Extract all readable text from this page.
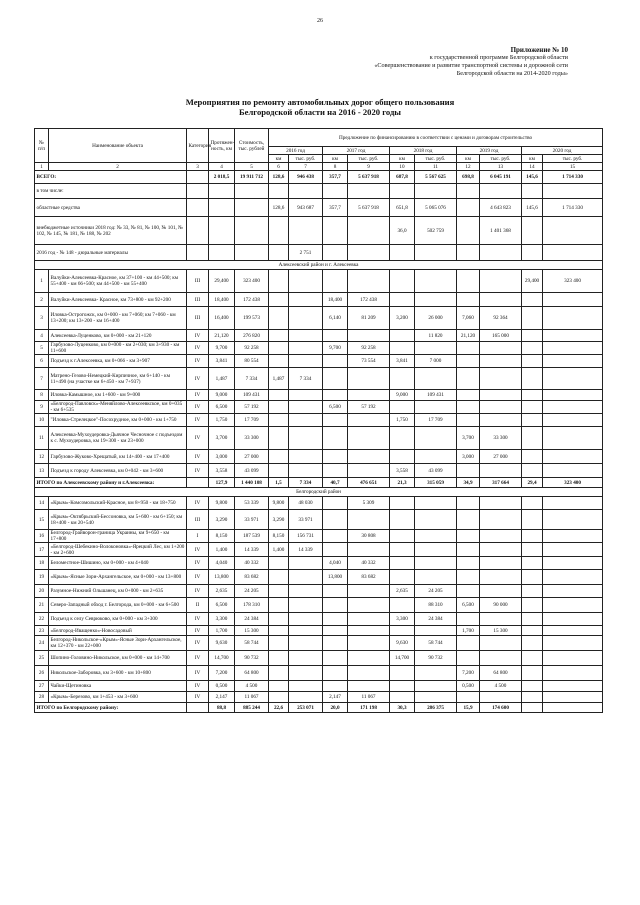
26
Приложение № 10
к государственной программе Белгородской области
«Совершенствование и развитие транспортной системы и дорожной сети
Белгородской области на 2014-2020 годы»
Мероприятия по ремонту автомобильных дорог общего пользования
Белгородской области на 2016 - 2020 годы
№ п/п	Наименование объекта	Категория	Протяжен-ность, км	Стоимость, тыс. рублей	Предложение по финансированию в соответствии с ценами и договорам строительство									
					2016 год		2017 год		2018 год		2019 год		2020 год	
					км	тыс. руб.	км	тыс. руб.	км	тыс. руб.	км	тыс. руб.	км	тыс. руб.
1	2	3	4	5	6	7	8	9	10	11	12	13	14	15
ВСЕГО:			2 018,5	19 911 712	128,6	946 438	357,7	5 637 918	687,8	5 567 625	698,8	6 045 191	145,6	1 714 330
в том числе:														
областные средства					128,6	943 687	357,7	5 637 918	651,8	5 065 076		4 643 823	145,6	1 714 330
внебюджетные источники 2018 год: № 33, № 81, № 100, № 101, № 102, № 145, № 181, № 188, № 202									36,0	502 759		1 401 368		
2016 год - № 148 - дюральные материалы						2 751								
Алексеевский район и г. Алексеевка														
1	Валуйки-Алексеевка-Красное, км 37+100 - км 44+500; км 55+400 - км 66+500; км 44+500 - км 55+400	III	29,400	323 400									29,400	323 400
2	Валуйки-Алексеевка- Красное, км 73+800 - км 92+200	III	18,400	172 438			18,400	172 438						
3	Иловка-Острогожск, км 0+000 - км 7+060; км 7+060 - км 13+200; км 13+200 - км 16+400	III	16,400	199 573			6,140	81 209	3,200	26 000	7,060	92 364		
4	Алексеевка-Луценково, км 0+000 - км 21+120	IV	21,120	276 820						11 820	21,120	165 000		
5	Гарбузово-Луценково, км 0+000 - км 2+030; км 3+930 - км 11+600	IV	9,700	92 258			9,700	92 258						
6	Подъезд к г.Алексеевка, км 0+066 - км 3+907	IV	3,841	80 554				73 554	3,841	7 000				
7	Матрено-Гезово-Немецкий-Кирпичное, км 6+140 - км 11+490 (на участке км 6+450 - км 7+937)	IV	1,487	7 334	1,487	7 334								
8	Иловка-Камышное, км 1+600 - км 9+000	IV	9,000	109 431					9,000	109 431				
9	«Белгород-Павловск»-Меняйлово-Алексеевкское, км 0+035 - км 6+535	IV	6,500	57 192			6,500	57 192						
10	"Иловка-Стрелецкое"-Посохрудное, км 0+000 - км 1+750	IV	1,750	17 709					1,750	17 709				
11	Алексеевка-Мухоудеровка-Дьячное Чесночное с подъездом к с. Мухоудеровка, км 19+300 - км 23+000	IV	3,700	33 300							3,700	33 300		
12	Гарбузово-Жуково-Хрещатый, км 14+400 - км 17+400	IV	3,000	27 000							3,000	27 000		
13	Подъезд к городу Алексеевка, км 0+042 - км 3+600	IV	3,558	43 099					3,558	43 099				
ИТОГО по Алексеевскому району и г.Алексеевка:			127,9	1 440 108	1,5	7 334	40,7	476 651	21,3	315 059	34,9	317 664	29,4	323 400
Белгородский район														
14	«Крым»-Комсомольский-Красное, км 8+950 - км 18+750	IV	9,800	53 339	9,800	48 030		5 309						
15	«Крым»-Октябрьский-Бессоновка, км 5+600 - км 6+150; км 18+400 - км 20+540	III	3,290	33 971	3,290	33 971								
16	Белгород-Грайворон-граница Украины, км 9+650 - км 17+800	I	8,150	187 539	8,150	156 731		30 808						
17	«Белгород-Шебекино-Волоконовка»-Ярецкий Лес, км 1+200 - км 2+600	IV	1,400	14 339	1,400	14 339								
18	Беломестное-Шишино, км 0+000 - км 4+040	IV	4,040	40 332			4,040	40 332						
19	«Крым»-Ясные Зори-Архангельское, км 0+000 - км 13+800	IV	13,800	83 682			13,800	83 682						
20	Разумное-Нижний Ольшанец, км 0+000 - км 2+635	IV	2,635	24 205					2,635	24 205				
21	Северо-Западный обход г. Белгорода, км 0+000 - км 6+500	II	6,500	178 310						88 310	6,500	90 000		
22	Подъезд к селу Севрюково, км 0+000 - км 3+300	IV	3,300	24 384					3,300	24 384				
23	«Белгород-Иващенко»-Новосадовый	IV	1,700	15 300							1,700	15 300		
24	Белгород-Никольское-«Крым»-Ясные Зори-Архангельское, км 12+370 - км 22+000	IV	9,630	58 744					9,630	58 744				
25	Шопино-Головино-Никольское, км 0+000 - км 14+700	IV	14,700	90 732					14,700	90 732				
26	Никольское-Заборовка, км 3+600 - км 10+800	IV	7,200	64 800							7,200	64 800		
27	Чайки-Щетиновка	IV	0,500	4 500							0,500	4 500		
28	«Крым»-Березово, км 1+453 - км 3+600	IV	2,147	11 067			2,147	11 067						
ИТОГО по Белгородскому району:			88,8	885 244	22,6	253 071	20,0	171 198	30,3	286 375	15,9	174 600		
